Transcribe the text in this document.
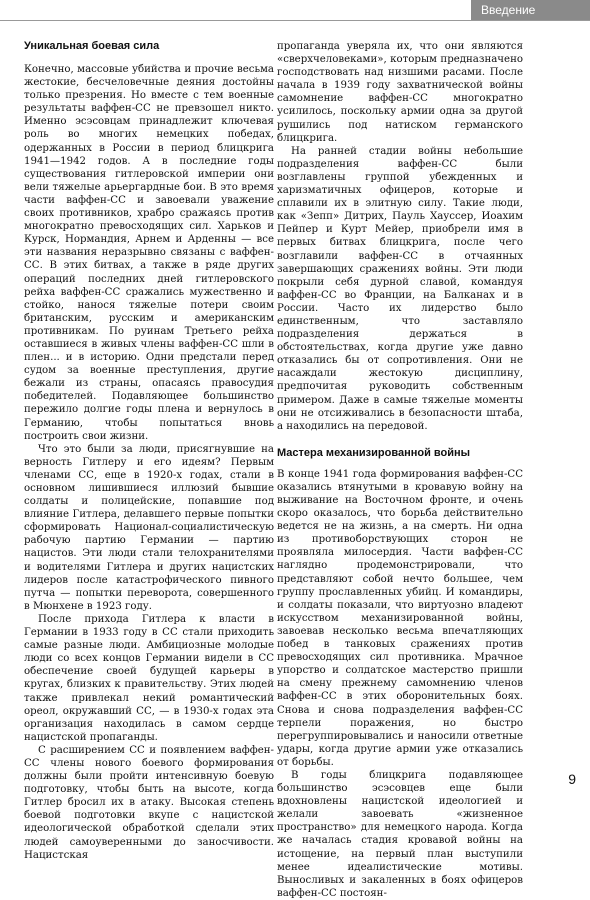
Введение
Уникальная боевая сила

Конечно, массовые убийства и прочие весьма жестокие, бесчеловечные деяния достойны только презрения. Но вместе с тем военные результаты ваффен-СС не превзошел никто. Именно эсэсовцам принадлежит ключевая роль во многих немецких победах, одержанных в России в период блицкрига 1941—1942 годов. А в последние годы существования гитлеровской империи они вели тяжелые арьергардные бои. В это время части ваффен-СС и завоевали уважение своих противников, храбро сражаясь против многократно превосходящих сил. Харьков и Курск, Нормандия, Арнем и Арденны — все эти названия неразрывно связаны с ваффен-СС. В этих битвах, а также в ряде других операций последних дней гитлеровского рейха ваффен-СС сражались мужественно и стойко, нанося тяжелые потери своим британским, русским и американским противникам. По руинам Третьего рейха оставшиеся в живых члены ваффен-СС шли в плен... и в историю. Одни предстали перед судом за военные преступления, другие бежали из страны, опасаясь правосудия победителей. Подавляющее большинство пережило долгие годы плена и вернулось в Германию, чтобы попытаться вновь построить свои жизни.

Что это были за люди, присягнувшие на верность Гитлеру и его идеям? Первым членами СС, еще в 1920-х годах, стали в основном лишившиеся иллюзий бывшие солдаты и полицейские, попавшие под влияние Гитлера, делавшего первые попытки сформировать Национал-социалистическую рабочую партию Германии — партию нацистов. Эти люди стали телохранителями и водителями Гитлера и других нацистских лидеров после катастрофического пивного путча — попытки переворота, совершенного в Мюнхене в 1923 году.

После прихода Гитлера к власти в Германии в 1933 году в СС стали приходить самые разные люди. Амбициозные молодые люди со всех концов Германии видели в СС обеспечение своей будущей карьеры в кругах, близких к правительству. Этих людей также привлекал некий романтический ореол, окружавший СС, — в 1930-х годах эта организация находилась в самом сердце нацистской пропаганды.

С расширением СС и появлением ваффен-СС члены нового боевого формирования должны были пройти интенсивную боевую подготовку, чтобы быть на высоте, когда Гитлер бросил их в атаку. Высокая степень боевой подготовки вкупе с нацистской идеологической обработкой сделали этих людей самоуверенными до заносчивости. Нацистская

пропаганда уверяла их, что они являются «сверхчеловеками», которым предназначено господствовать над низшими расами. После начала в 1939 году захватнической войны самомнение ваффен-СС многократно усилилось, поскольку армии одна за другой рушились под натиском германского блицкрига.

На ранней стадии войны небольшие подразделения ваффен-СС были возглавлены группой убежденных и харизматичных офицеров, которые и сплавили их в элитную силу. Такие люди, как «Зепп» Дитрих, Пауль Хауссер, Иоахим Пейпер и Курт Мейер, приобрели имя в первых битвах блицкрига, после чего возглавили ваффен-СС в отчаянных завершающих сражениях войны. Эти люди покрыли себя дурной славой, командуя ваффен-СС во Франции, на Балканах и в России. Часто их лидерство было единственным, что заставляло подразделения держаться в обстоятельствах, когда другие уже давно отказались бы от сопротивления. Они не насаждали жестокую дисциплину, предпочитая руководить собственным примером. Даже в самые тяжелые моменты они не отсиживались в безопасности штаба, а находились на передовой.

Мастера механизированной войны

В конце 1941 года формирования ваффен-СС оказались втянутыми в кровавую войну на выживание на Восточном фронте, и очень скоро оказалось, что борьба действительно ведется не на жизнь, а на смерть. Ни одна из противоборствующих сторон не проявляла милосердия. Части ваффен-СС наглядно продемонстрировали, что представляют собой нечто большее, чем группу прославленных убийц. И командиры, и солдаты показали, что виртуозно владеют искусством механизированной войны, завоевав несколько весьма впечатляющих побед в танковых сражениях против превосходящих сил противника. Мрачное упорство и солдатское мастерство пришли на смену прежнему самомнению членов ваффен-СС в этих оборонительных боях. Снова и снова подразделения ваффен-СС терпели поражения, но быстро перегруппировывались и наносили ответные удары, когда другие армии уже отказались от борьбы.

В годы блицкрига подавляющее большинство эсэсовцев еще были вдохновлены нацистской идеологией и желали завоевать «жизненное пространство» для немецкого народа. Когда же началась стадия кровавой войны на истощение, на первый план выступили менее идеалистические мотивы. Выносливых и закаленных в боях офицеров ваффен-СС постоян-

9
